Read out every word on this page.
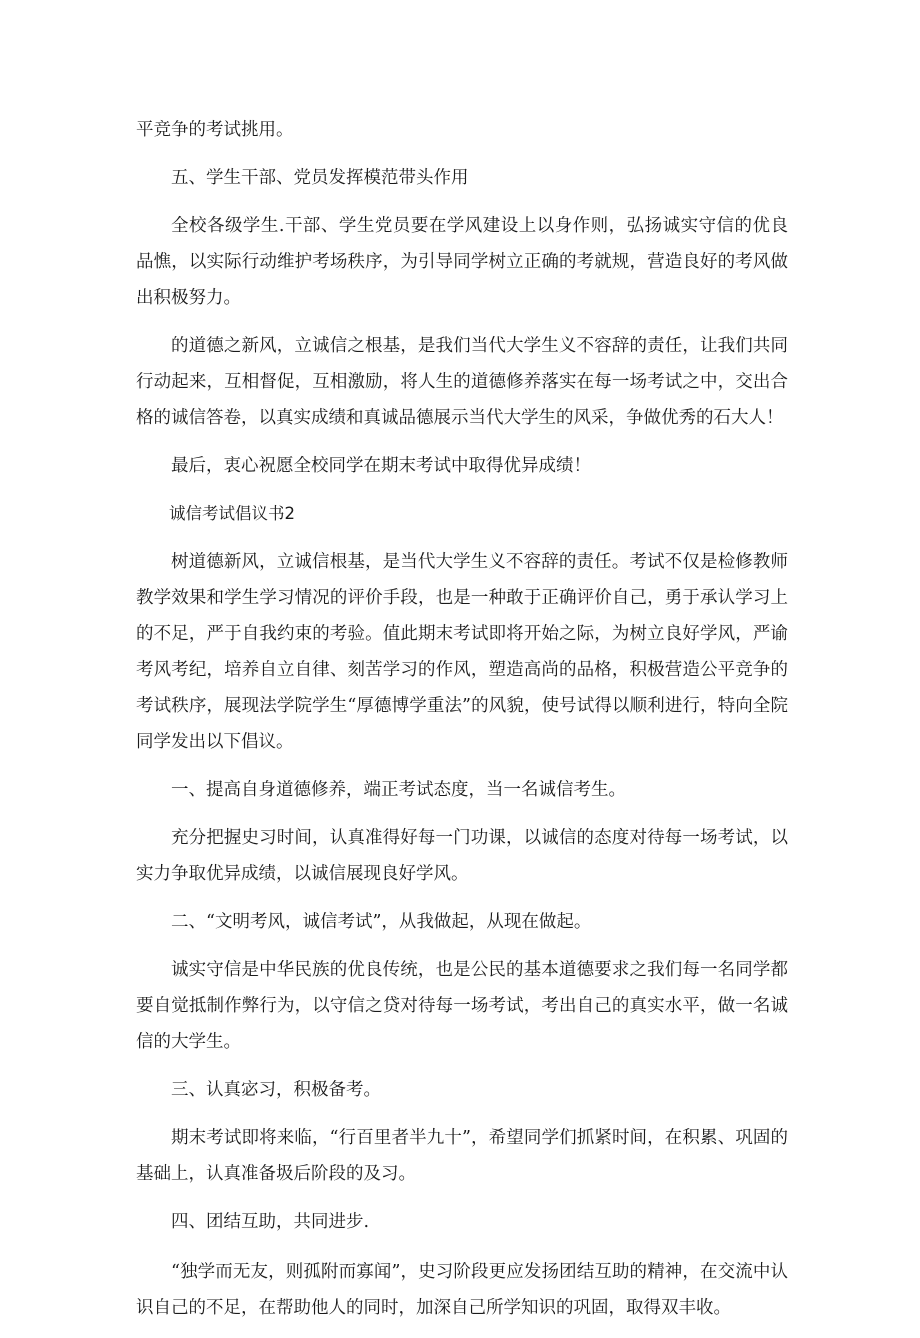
平竞争的考试挑用。

五、学生干部、党员发挥模范带头作用

全校各级学生.干部、学生党员要在学风建设上以身作则，弘扬诚实守信的优良品憔，以实际行动维护考场秩序，为引导同学树立正确的考就规，营造良好的考风做出积极努力。

的道德之新风，立诚信之根基，是我们当代大学生义不容辞的责任，让我们共同行动起来，互相督促，互相激励，将人生的道德修养落实在每一场考试之中，交出合格的诚信答卷，以真实成绩和真诚品德展示当代大学生的风采，争做优秀的石大人！

最后，衷心祝愿全校同学在期末考试中取得优异成绩！

诚信考试倡议书2

树道德新风，立诚信根基，是当代大学生义不容辞的责任。考试不仅是检修教师教学效果和学生学习情况的评价手段，也是一种敢于正确评价自己，勇于承认学习上的不足，严于自我约束的考验。值此期末考试即将开始之际，为树立良好学风，严谕考风考纪，培养自立自律、刻苦学习的作风，塑造高尚的品格，积极营造公平竞争的考试秩序，展现法学院学生“厚德博学重法”的风貌，使号试得以顺利进行，特向全院同学发出以下倡议。

一、提高自身道德修养，端正考试态度，当一名诚信考生。

充分把握史习时间，认真准得好每一门功课，以诚信的态度对待每一场考试，以实力争取优异成绩，以诚信展现良好学风。

二、“文明考风，诚信考试”，从我做起，从现在做起。

诚实守信是中华民族的优良传统，也是公民的基本道德要求之我们每一名同学都要自觉抵制作弊行为，以守信之贷对待每一场考试，考出自己的真实水平，做一名诚信的大学生。

三、认真宓习，积极备考。

期末考试即将来临，“行百里者半九十”，希望同学们抓紧时间，在积累、巩固的基础上，认真准备圾后阶段的及习。

四、团结互助，共同进步.

“独学而无友，则孤附而寡闻”，史习阶段更应发扬团结互助的精神，在交流中认识自己的不足，在帮助他人的同时，加深自己所学知识的巩固，取得双丰收。
